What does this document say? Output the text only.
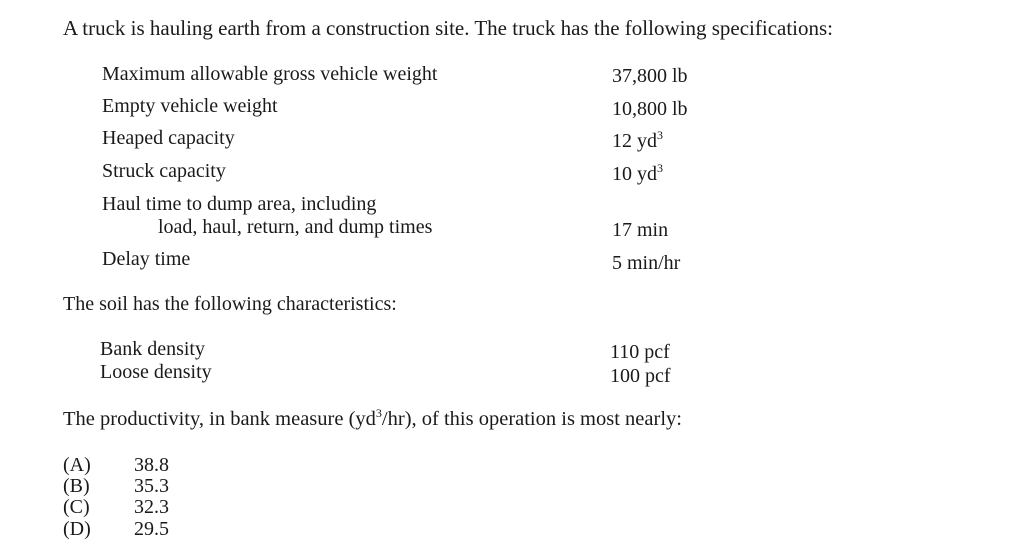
A truck is hauling earth from a construction site. The truck has the following specifications:
Maximum allowable gross vehicle weight	37,800 lb
Empty vehicle weight	10,800 lb
Heaped capacity	12 $yd^3$
Struck capacity	10 $yd^3$
Haul time to dump area, including
load, haul, return, and dump times	17 min
Delay time	5 min/hr
The soil has the following characteristics:
Bank density	110 pcf
Loose density	100 pcf
The productivity, in bank measure $(yd^3/hr)$, of this operation is most nearly:
(A) 38.8
(B) 35.3
(C) 32.3
(D) 29.5
